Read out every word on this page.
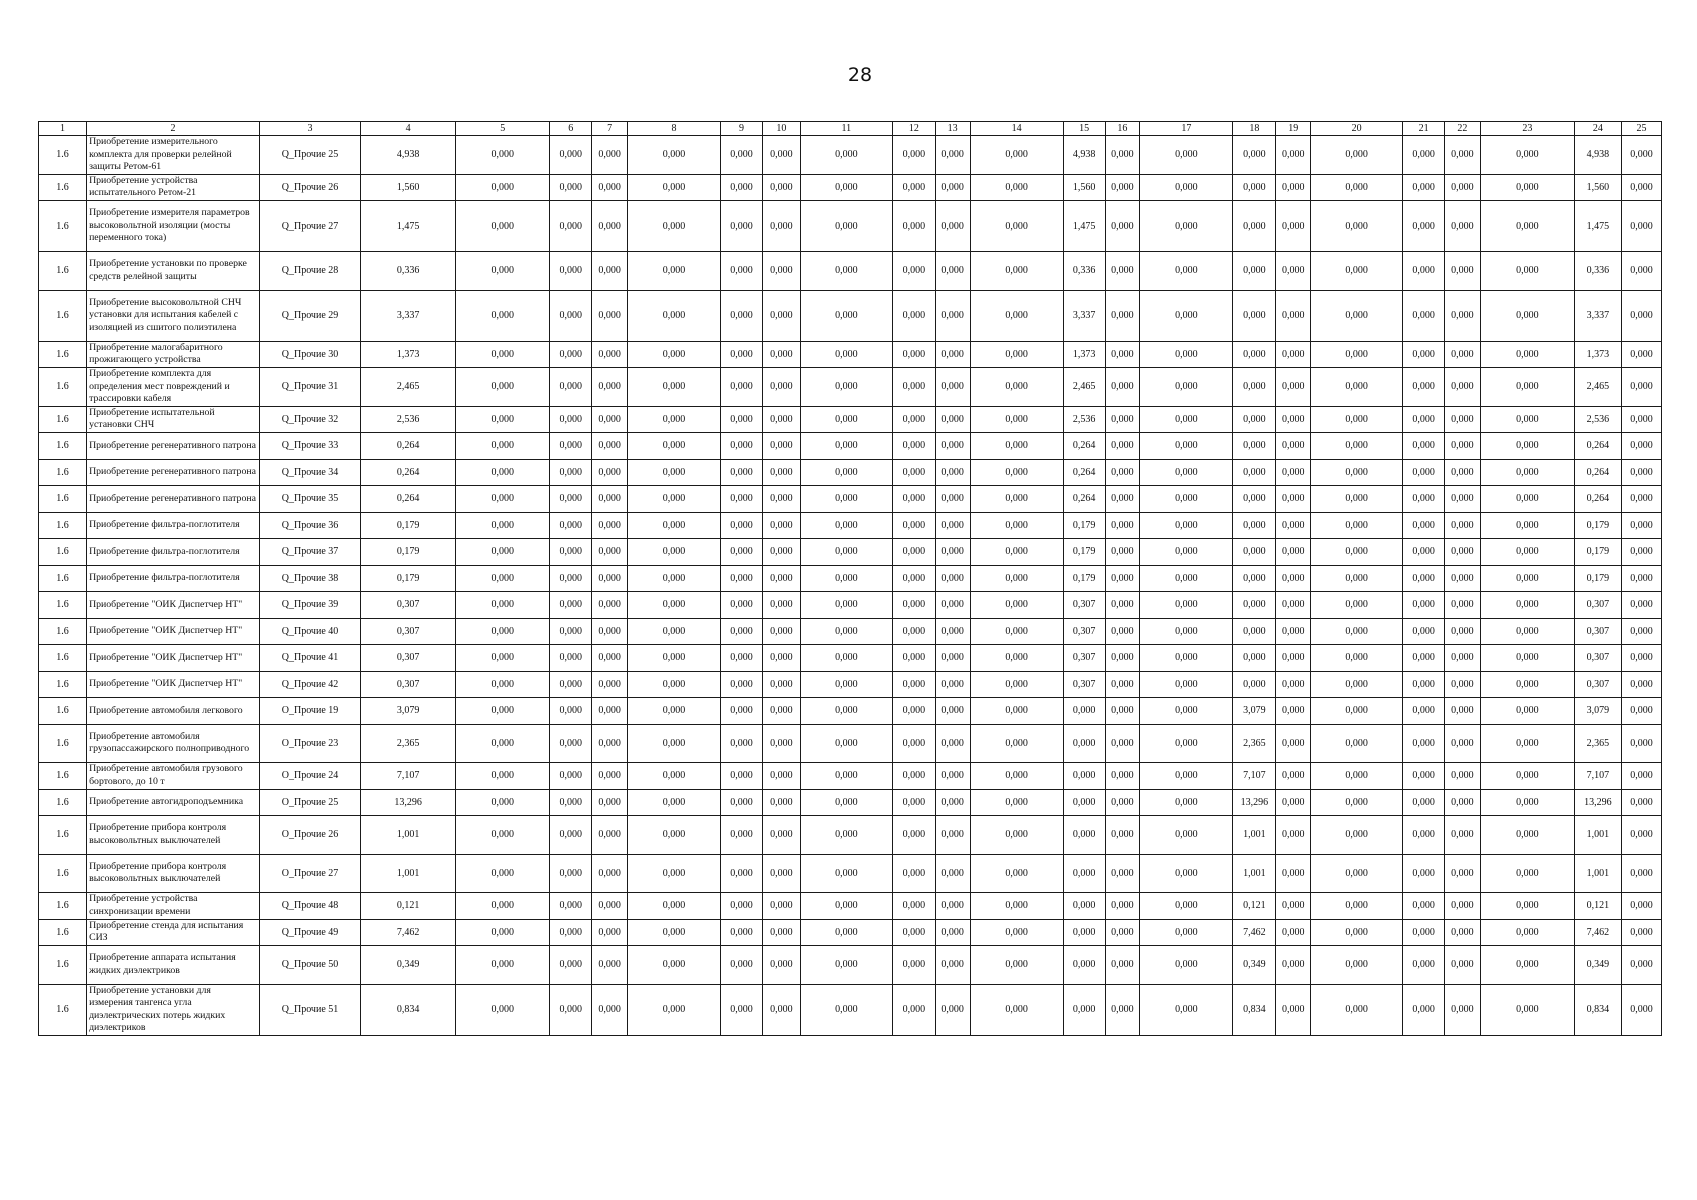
28
1	2	3	4	5	6	7	8	9	10	11	12	13	14	15	16	17	18	19	20	21	22	23	24	25
1.6	Приобретение измерительного комплекта для проверки релейной защиты Ретом-61	Q_Прочие 25	4,938	0,000	0,000	0,000	0,000	0,000	0,000	0,000	0,000	0,000	0,000	4,938	0,000	0,000	0,000	0,000	0,000	0,000	0,000	0,000	4,938	0,000
1.6	Приобретение устройства испытательного Ретом-21	Q_Прочие 26	1,560	0,000	0,000	0,000	0,000	0,000	0,000	0,000	0,000	0,000	0,000	1,560	0,000	0,000	0,000	0,000	0,000	0,000	0,000	0,000	1,560	0,000
1.6	Приобретение измерителя параметров высоковольтной изоляции (мосты переменного тока)	Q_Прочие 27	1,475	0,000	0,000	0,000	0,000	0,000	0,000	0,000	0,000	0,000	0,000	1,475	0,000	0,000	0,000	0,000	0,000	0,000	0,000	0,000	1,475	0,000
1.6	Приобретение установки по проверке средств релейной защиты	Q_Прочие 28	0,336	0,000	0,000	0,000	0,000	0,000	0,000	0,000	0,000	0,000	0,000	0,336	0,000	0,000	0,000	0,000	0,000	0,000	0,000	0,000	0,336	0,000
1.6	Приобретение высоковольтной СНЧ установки для испытания кабелей с изоляцией из сшитого полиэтилена	Q_Прочие 29	3,337	0,000	0,000	0,000	0,000	0,000	0,000	0,000	0,000	0,000	0,000	3,337	0,000	0,000	0,000	0,000	0,000	0,000	0,000	0,000	3,337	0,000
1.6	Приобретение малогабаритного прожигающего устройства	Q_Прочие 30	1,373	0,000	0,000	0,000	0,000	0,000	0,000	0,000	0,000	0,000	0,000	1,373	0,000	0,000	0,000	0,000	0,000	0,000	0,000	0,000	1,373	0,000
1.6	Приобретение комплекта для определения мест повреждений и трассировки кабеля	Q_Прочие 31	2,465	0,000	0,000	0,000	0,000	0,000	0,000	0,000	0,000	0,000	0,000	2,465	0,000	0,000	0,000	0,000	0,000	0,000	0,000	0,000	2,465	0,000
1.6	Приобретение испытательной установки СНЧ	Q_Прочие 32	2,536	0,000	0,000	0,000	0,000	0,000	0,000	0,000	0,000	0,000	0,000	2,536	0,000	0,000	0,000	0,000	0,000	0,000	0,000	0,000	2,536	0,000
1.6	Приобретение регенеративного патрона	Q_Прочие 33	0,264	0,000	0,000	0,000	0,000	0,000	0,000	0,000	0,000	0,000	0,000	0,264	0,000	0,000	0,000	0,000	0,000	0,000	0,000	0,000	0,264	0,000
1.6	Приобретение регенеративного патрона	Q_Прочие 34	0,264	0,000	0,000	0,000	0,000	0,000	0,000	0,000	0,000	0,000	0,000	0,264	0,000	0,000	0,000	0,000	0,000	0,000	0,000	0,000	0,264	0,000
1.6	Приобретение регенеративного патрона	Q_Прочие 35	0,264	0,000	0,000	0,000	0,000	0,000	0,000	0,000	0,000	0,000	0,000	0,264	0,000	0,000	0,000	0,000	0,000	0,000	0,000	0,000	0,264	0,000
1.6	Приобретение фильтра-поглотителя	Q_Прочие 36	0,179	0,000	0,000	0,000	0,000	0,000	0,000	0,000	0,000	0,000	0,000	0,179	0,000	0,000	0,000	0,000	0,000	0,000	0,000	0,000	0,179	0,000
1.6	Приобретение фильтра-поглотителя	Q_Прочие 37	0,179	0,000	0,000	0,000	0,000	0,000	0,000	0,000	0,000	0,000	0,000	0,179	0,000	0,000	0,000	0,000	0,000	0,000	0,000	0,000	0,179	0,000
1.6	Приобретение фильтра-поглотителя	Q_Прочие 38	0,179	0,000	0,000	0,000	0,000	0,000	0,000	0,000	0,000	0,000	0,000	0,179	0,000	0,000	0,000	0,000	0,000	0,000	0,000	0,000	0,179	0,000
1.6	Приобретение "ОИК Диспетчер НТ"	Q_Прочие 39	0,307	0,000	0,000	0,000	0,000	0,000	0,000	0,000	0,000	0,000	0,000	0,307	0,000	0,000	0,000	0,000	0,000	0,000	0,000	0,000	0,307	0,000
1.6	Приобретение "ОИК Диспетчер НТ"	Q_Прочие 40	0,307	0,000	0,000	0,000	0,000	0,000	0,000	0,000	0,000	0,000	0,000	0,307	0,000	0,000	0,000	0,000	0,000	0,000	0,000	0,000	0,307	0,000
1.6	Приобретение "ОИК Диспетчер НТ"	Q_Прочие 41	0,307	0,000	0,000	0,000	0,000	0,000	0,000	0,000	0,000	0,000	0,000	0,307	0,000	0,000	0,000	0,000	0,000	0,000	0,000	0,000	0,307	0,000
1.6	Приобретение "ОИК Диспетчер НТ"	Q_Прочие 42	0,307	0,000	0,000	0,000	0,000	0,000	0,000	0,000	0,000	0,000	0,000	0,307	0,000	0,000	0,000	0,000	0,000	0,000	0,000	0,000	0,307	0,000
1.6	Приобретение автомобиля легкового	О_Прочие 19	3,079	0,000	0,000	0,000	0,000	0,000	0,000	0,000	0,000	0,000	0,000	0,000	0,000	0,000	3,079	0,000	0,000	0,000	0,000	0,000	3,079	0,000
1.6	Приобретение автомобиля грузопассажирского полноприводного	О_Прочие 23	2,365	0,000	0,000	0,000	0,000	0,000	0,000	0,000	0,000	0,000	0,000	0,000	0,000	0,000	2,365	0,000	0,000	0,000	0,000	0,000	2,365	0,000
1.6	Приобретение автомобиля грузового бортового, до 10 т	О_Прочие 24	7,107	0,000	0,000	0,000	0,000	0,000	0,000	0,000	0,000	0,000	0,000	0,000	0,000	0,000	7,107	0,000	0,000	0,000	0,000	0,000	7,107	0,000
1.6	Приобретение автогидроподъемника	О_Прочие 25	13,296	0,000	0,000	0,000	0,000	0,000	0,000	0,000	0,000	0,000	0,000	0,000	0,000	0,000	13,296	0,000	0,000	0,000	0,000	0,000	13,296	0,000
1.6	Приобретение прибора контроля высоковольтных выключателей	О_Прочие 26	1,001	0,000	0,000	0,000	0,000	0,000	0,000	0,000	0,000	0,000	0,000	0,000	0,000	0,000	1,001	0,000	0,000	0,000	0,000	0,000	1,001	0,000
1.6	Приобретение прибора контроля высоковольтных выключателей	О_Прочие 27	1,001	0,000	0,000	0,000	0,000	0,000	0,000	0,000	0,000	0,000	0,000	0,000	0,000	0,000	1,001	0,000	0,000	0,000	0,000	0,000	1,001	0,000
1.6	Приобретение устройства синхронизации времени	Q_Прочие 48	0,121	0,000	0,000	0,000	0,000	0,000	0,000	0,000	0,000	0,000	0,000	0,000	0,000	0,000	0,121	0,000	0,000	0,000	0,000	0,000	0,121	0,000
1.6	Приобретение стенда для испытания СИЗ	Q_Прочие 49	7,462	0,000	0,000	0,000	0,000	0,000	0,000	0,000	0,000	0,000	0,000	0,000	0,000	0,000	7,462	0,000	0,000	0,000	0,000	0,000	7,462	0,000
1.6	Приобретение аппарата испытания жидких диэлектриков	Q_Прочие 50	0,349	0,000	0,000	0,000	0,000	0,000	0,000	0,000	0,000	0,000	0,000	0,000	0,000	0,000	0,349	0,000	0,000	0,000	0,000	0,000	0,349	0,000
1.6	Приобретение установки для измерения тангенса угла диэлектрических потерь жидких диэлектриков	Q_Прочие 51	0,834	0,000	0,000	0,000	0,000	0,000	0,000	0,000	0,000	0,000	0,000	0,000	0,000	0,000	0,834	0,000	0,000	0,000	0,000	0,000	0,834	0,000
